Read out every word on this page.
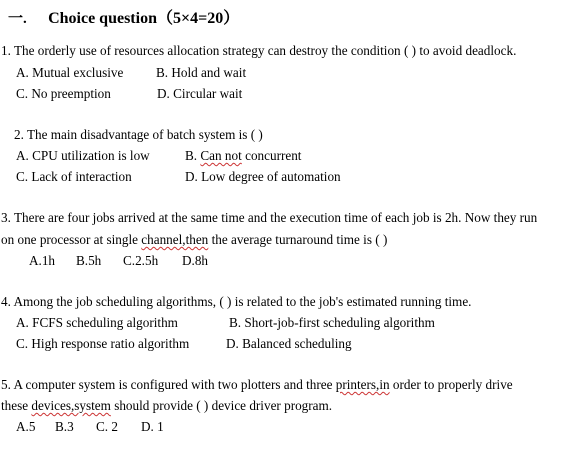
一. Choice question（5×4=20）
1. The orderly use of resources allocation strategy can destroy the condition ( ) to avoid deadlock.
A. Mutual exclusive B. Hold and wait
C. No preemption	D. Circular wait
2. The main disadvantage of batch system is ( )
A. CPU utilization is low	B. Can not concurrent
C. Lack of interaction	D. Low degree of automation
3. There are four jobs arrived at the same time and the execution time of each job is 2h. Now they run
on one processor at single channel,then the average turnaround time is ( )
A.1h B.5h C.2.5h D.8h
4. Among the job scheduling algorithms, ( ) is related to the job's estimated running time.
A. FCFS scheduling algorithm	B. Short-job-first scheduling algorithm
C. High response ratio algorithm	D. Balanced scheduling
5. A computer system is configured with two plotters and three printers,in order to properly drive
these devices,system should provide ( ) device driver program.
A.5 B.3 C. 2 D. 1
